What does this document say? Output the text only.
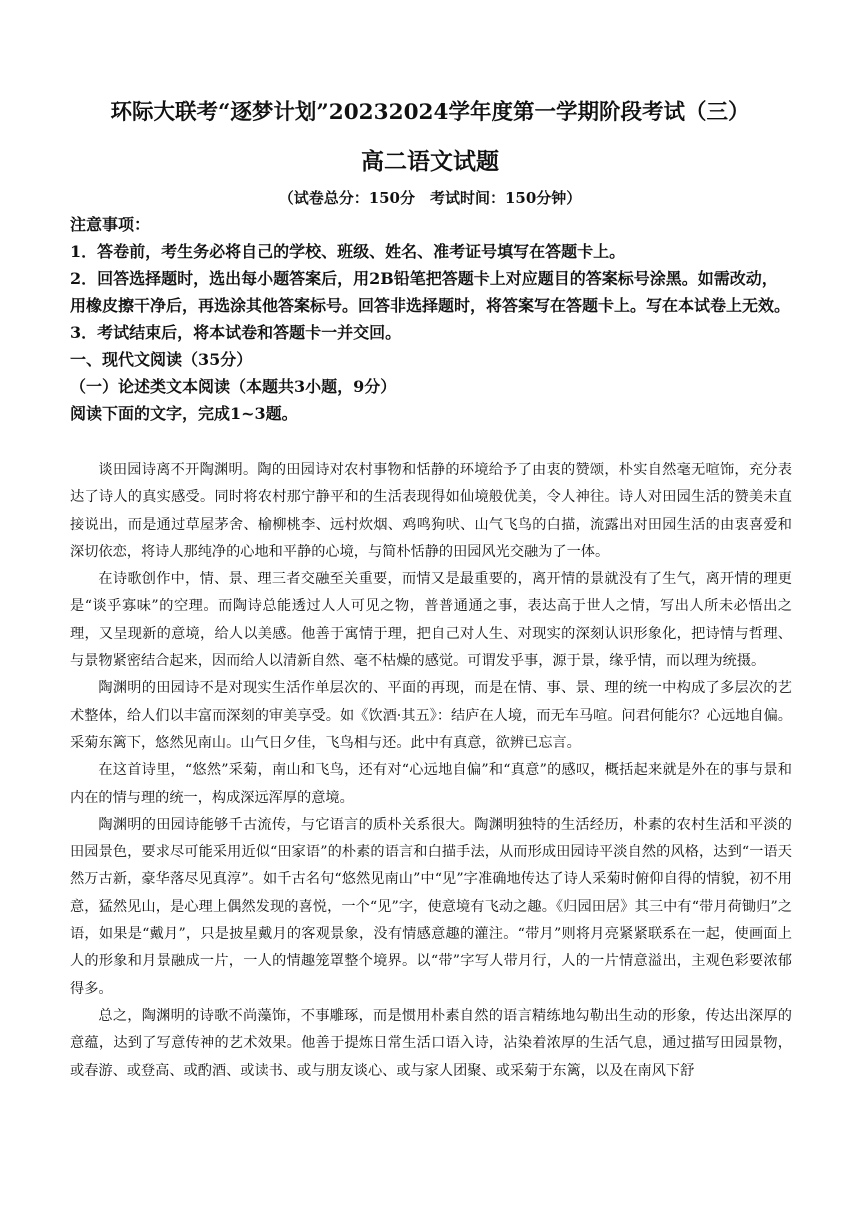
环际大联考“逐梦计划”20232024学年度第一学期阶段考试（三）
高二语文试题
（试卷总分：150分　考试时间：150分钟）

注意事项：

1．答卷前，考生务必将自己的学校、班级、姓名、准考证号填写在答题卡上。

2．回答选择题时，选出每小题答案后，用2B铅笔把答题卡上对应题目的答案标号涂黑。如需改动，用橡皮擦干净后，再选涂其他答案标号。回答非选择题时，将答案写在答题卡上。写在本试卷上无效。

3．考试结束后，将本试卷和答题卡一并交回。

一、现代文阅读（35分）

（一）论述类文本阅读（本题共3小题，9分）

阅读下面的文字，完成1~3题。

谈田园诗离不开陶渊明。陶的田园诗对农村事物和恬静的环境给予了由衷的赞颂，朴实自然毫无喧饰，充分表达了诗人的真实感受。同时将农村那宁静平和的生活表现得如仙境般优美，令人神往。诗人对田园生活的赞美未直接说出，而是通过草屋茅舍、榆柳桃李、远村炊烟、鸡鸣狗吠、山气飞鸟的白描，流露出对田园生活的由衷喜爱和深切依恋，将诗人那纯净的心地和平静的心境，与简朴恬静的田园风光交融为了一体。

在诗歌创作中，情、景、理三者交融至关重要，而情又是最重要的，离开情的景就没有了生气，离开情的理更是“谈乎寡味”的空理。而陶诗总能透过人人可见之物，普普通通之事，表达高于世人之情，写出人所未必悟出之理，又呈现新的意境，给人以美感。他善于寓情于理，把自己对人生、对现实的深刻认识形象化，把诗情与哲理、与景物紧密结合起来，因而给人以清新自然、毫不枯燥的感觉。可谓发乎事，源于景，缘乎情，而以理为统摄。

陶渊明的田园诗不是对现实生活作单层次的、平面的再现，而是在情、事、景、理的统一中构成了多层次的艺术整体，给人们以丰富而深刻的审美享受。如《饮酒·其五》：结庐在人境，而无车马喧。问君何能尔？心远地自偏。采菊东篱下，悠然见南山。山气日夕佳，飞鸟相与还。此中有真意，欲辨已忘言。

在这首诗里，“悠然”采菊，南山和飞鸟，还有对“心远地自偏”和“真意”的感叹，概括起来就是外在的事与景和内在的情与理的统一，构成深远浑厚的意境。

陶渊明的田园诗能够千古流传，与它语言的质朴关系很大。陶渊明独特的生活经历，朴素的农村生活和平淡的田园景色，要求尽可能采用近似“田家语”的朴素的语言和白描手法，从而形成田园诗平淡自然的风格，达到“一语天然万古新，豪华落尽见真淳”。如千古名句“悠然见南山”中“见”字准确地传达了诗人采菊时俯仰自得的情貌，初不用意，猛然见山，是心理上偶然发现的喜悦，一个“见”字，使意境有飞动之趣。《归园田居》其三中有“带月荷锄归”之语，如果是“戴月”，只是披星戴月的客观景象，没有情感意趣的灌注。“带月”则将月亮紧紧联系在一起，使画面上人的形象和月景融成一片，一人的情趣笼罩整个境界。以“带”字写人带月行，人的一片情意溢出，主观色彩要浓郁得多。

总之，陶渊明的诗歌不尚藻饰，不事雕琢，而是惯用朴素自然的语言精练地勾勒出生动的形象，传达出深厚的意蕴，达到了写意传神的艺术效果。他善于提炼日常生活口语入诗，沾染着浓厚的生活气息，通过描写田园景物，或春游、或登高、或酌酒、或读书、或与朋友谈心、或与家人团聚、或采菊于东篱，以及在南风下舒
